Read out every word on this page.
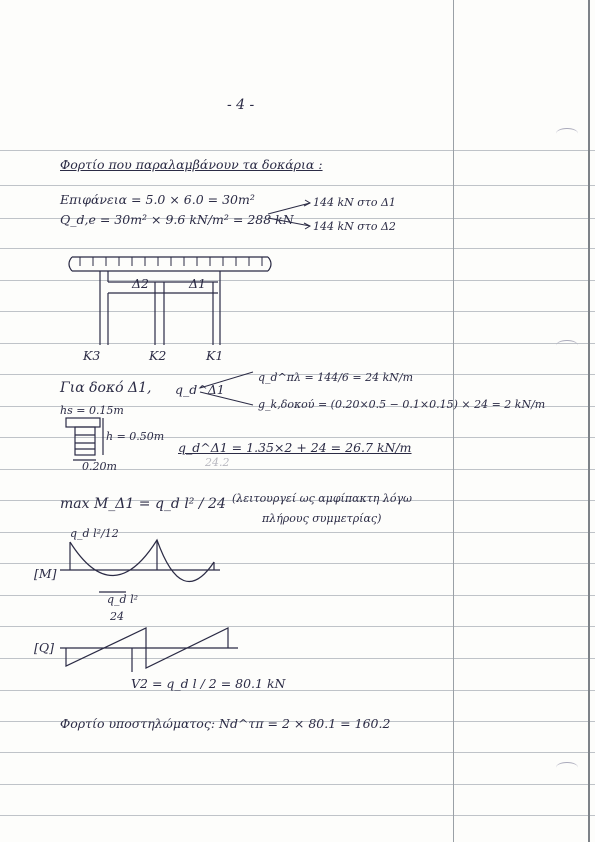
- 4 -
Φορτίο που παραλαμβάνουν τα δοκάρια :
Επιφάνεια = 5.0 × 6.0 = 30m²
Q_d,e = 30m² × 9.6 kN/m² = 288 kN
144 kN στο Δ1
144 kN στο Δ2
Δ2	Δ1
K3	K2	K1
Για δοκό Δ1, q_d^Δ1
q_d^πλ = 144/6 = 24 kN/m
g_k,δοκού = (0.20×0.5 − 0.1×0.15) × 24 = 2 kN/m
hs = 0.15m
h = 0.50m
0.20m
q_d^Δ1 = 1.35×2 + 24 = 26.7 kN/m
24.2
max M_Δ1 = q_d l² / 24 (λειτουργεί ως αμφίπακτη λόγω
πλήρους συμμετρίας)
q_d l²/12
[M]
q_d l²
24
[Q]
V2 = q_d l / 2 = 80.1 kN
Φορτίο υποστηλώματος: Nd^τπ = 2 × 80.1 = 160.2
